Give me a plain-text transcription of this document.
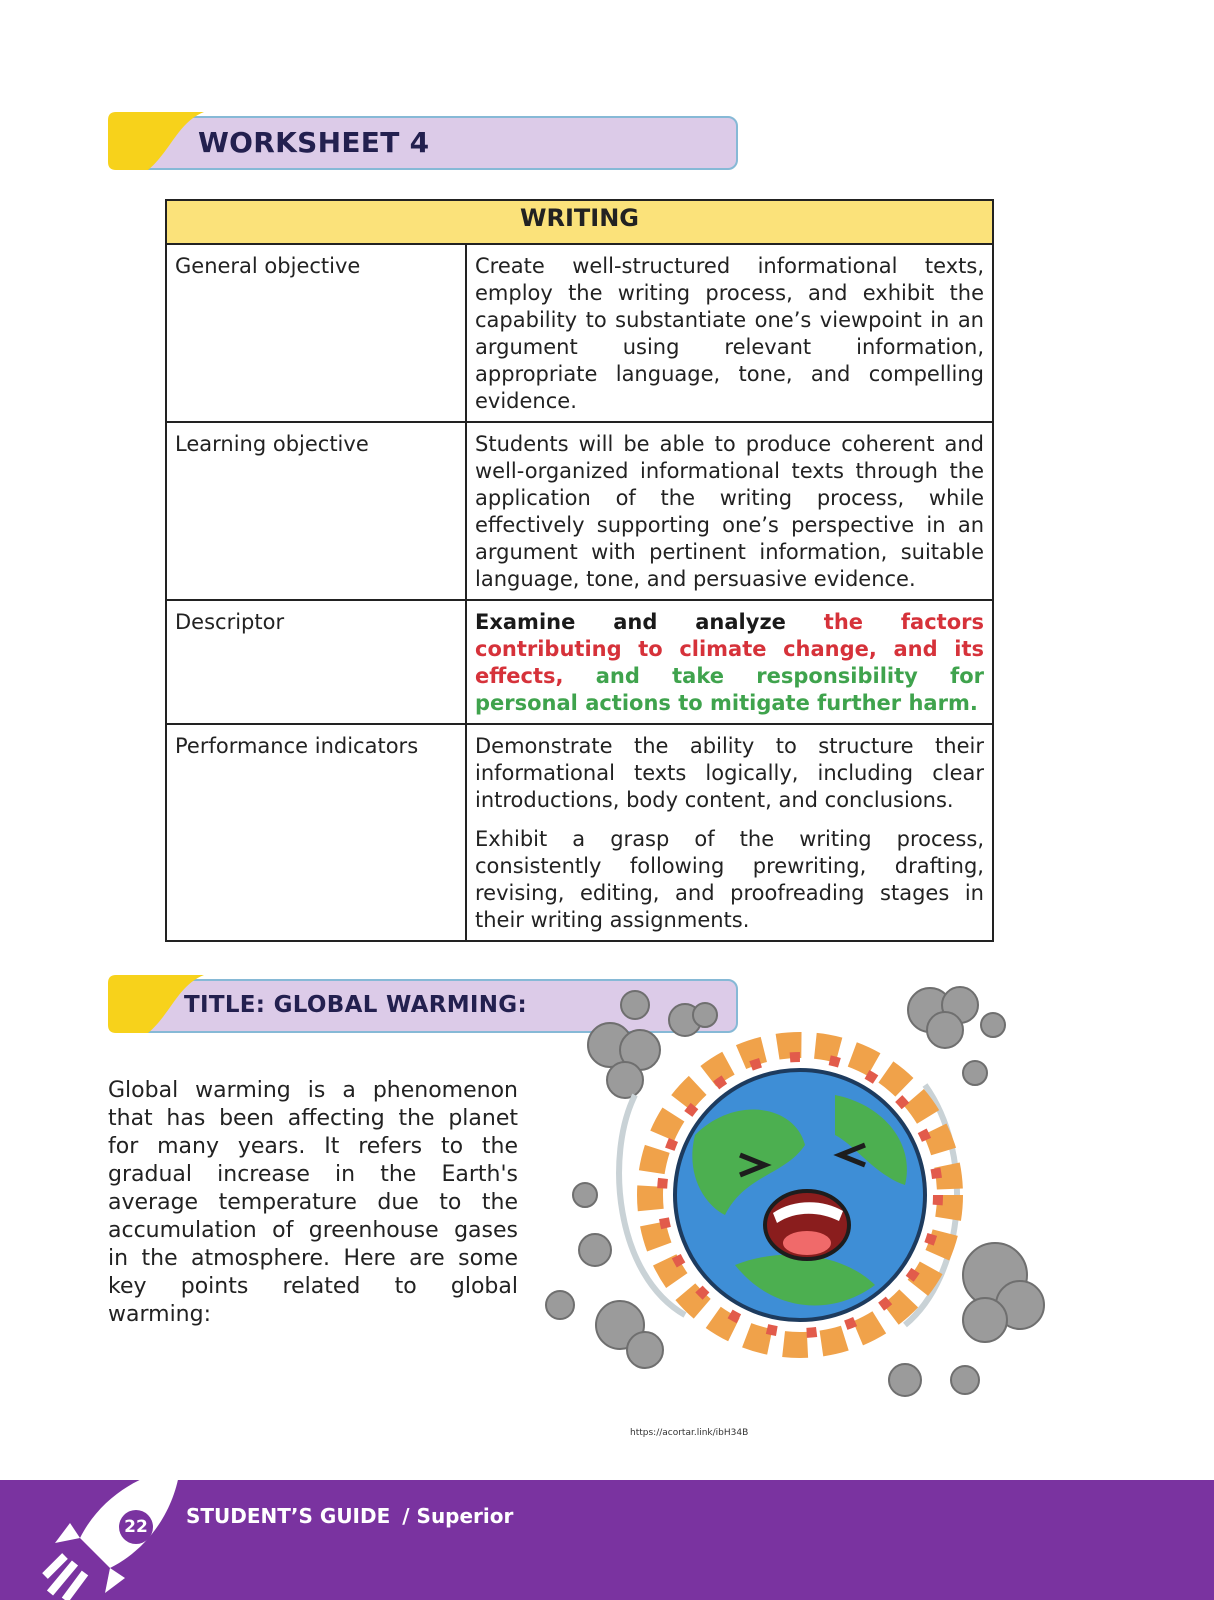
WORKSHEET 4
WRITING	
General objective	Create well-structured informational texts, employ the writing process, and exhibit the capability to substantiate one’s viewpoint in an argument using relevant information, appropriate language, tone, and compelling evidence.

Learning objective	Students will be able to produce coherent and well-organized informational texts through the application of the writing process, while effectively supporting one’s perspective in an argument with pertinent information, suitable language, tone, and persuasive evidence.

Descriptor	Examine and analyze the factors contributing to climate change, and its effects, and take responsibility for personal actions to mitigate further harm.

Performance indicators	Demonstrate the ability to structure their informational texts logically, including clear introductions, body content, and conclusions.

Exhibit a grasp of the writing process, consistently following prewriting, drafting, revising, editing, and proofreading stages in their writing assignments.

TITLE: GLOBAL WARMING:

Global warming is a phenomenon that has been affecting the planet for many years. It refers to the gradual increase in the Earth's average temperature due to the accumulation of greenhouse gases in the atmosphere. Here are some key points related to global warming:

https://acortar.link/ibH34B
22 STUDENT’S GUIDE / Superior
